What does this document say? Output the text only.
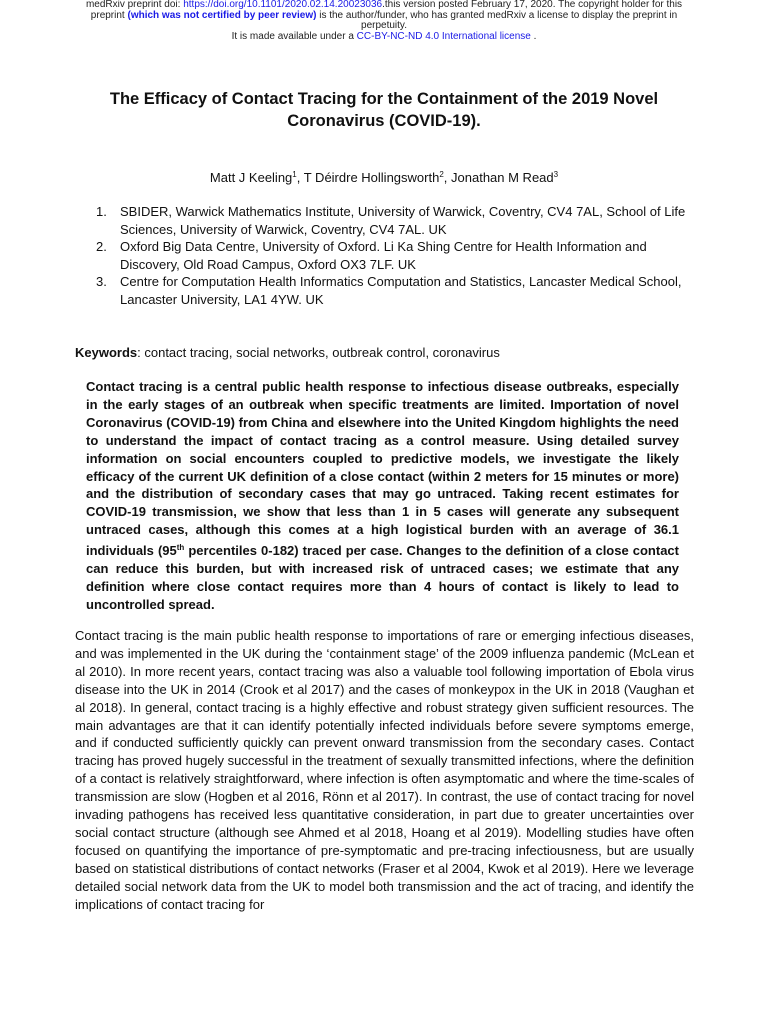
medRxiv preprint doi: https://doi.org/10.1101/2020.02.14.20023036.this version posted February 17, 2020. The copyright holder for this
preprint (which was not certified by peer review) is the author/funder, who has granted medRxiv a license to display the preprint in
perpetuity.
It is made available under a CC-BY-NC-ND 4.0 International license .
The Efficacy of Contact Tracing for the Containment of the 2019 Novel Coronavirus (COVID-19).
Matt J Keeling$^1$, T Déirdre Hollingsworth$^2$, Jonathan M Read$^3$
1. SBIDER, Warwick Mathematics Institute, University of Warwick, Coventry, CV4 7AL, School of Life Sciences, University of Warwick, Coventry, CV4 7AL. UK
2. Oxford Big Data Centre, University of Oxford. Li Ka Shing Centre for Health Information and Discovery, Old Road Campus, Oxford OX3 7LF. UK
3. Centre for Computation Health Informatics Computation and Statistics, Lancaster Medical School, Lancaster University, LA1 4YW. UK
Keywords: contact tracing, social networks, outbreak control, coronavirus
Contact tracing is a central public health response to infectious disease outbreaks, especially in the early stages of an outbreak when specific treatments are limited. Importation of novel Coronavirus (COVID-19) from China and elsewhere into the United Kingdom highlights the need to understand the impact of contact tracing as a control measure. Using detailed survey information on social encounters coupled to predictive models, we investigate the likely efficacy of the current UK definition of a close contact (within 2 meters for 15 minutes or more) and the distribution of secondary cases that may go untraced. Taking recent estimates for COVID-19 transmission, we show that less than 1 in 5 cases will generate any subsequent untraced cases, although this comes at a high logistical burden with an average of 36.1 individuals (95th percentiles 0-182) traced per case. Changes to the definition of a close contact can reduce this burden, but with increased risk of untraced cases; we estimate that any definition where close contact requires more than 4 hours of contact is likely to lead to uncontrolled spread.
Contact tracing is the main public health response to importations of rare or emerging infectious diseases, and was implemented in the UK during the ‘containment stage’ of the 2009 influenza pandemic (McLean et al 2010). In more recent years, contact tracing was also a valuable tool following importation of Ebola virus disease into the UK in 2014 (Crook et al 2017) and the cases of monkeypox in the UK in 2018 (Vaughan et al 2018). In general, contact tracing is a highly effective and robust strategy given sufficient resources. The main advantages are that it can identify potentially infected individuals before severe symptoms emerge, and if conducted sufficiently quickly can prevent onward transmission from the secondary cases. Contact tracing has proved hugely successful in the treatment of sexually transmitted infections, where the definition of a contact is relatively straightforward, where infection is often asymptomatic and where the time-scales of transmission are slow (Hogben et al 2016, Rönn et al 2017). In contrast, the use of contact tracing for novel invading pathogens has received less quantitative consideration, in part due to greater uncertainties over social contact structure (although see Ahmed et al 2018, Hoang et al 2019). Modelling studies have often focused on quantifying the importance of pre-symptomatic and pre-tracing infectiousness, but are usually based on statistical distributions of contact networks (Fraser et al 2004, Kwok et al 2019). Here we leverage detailed social network data from the UK to model both transmission and the act of tracing, and identify the implications of contact tracing for
